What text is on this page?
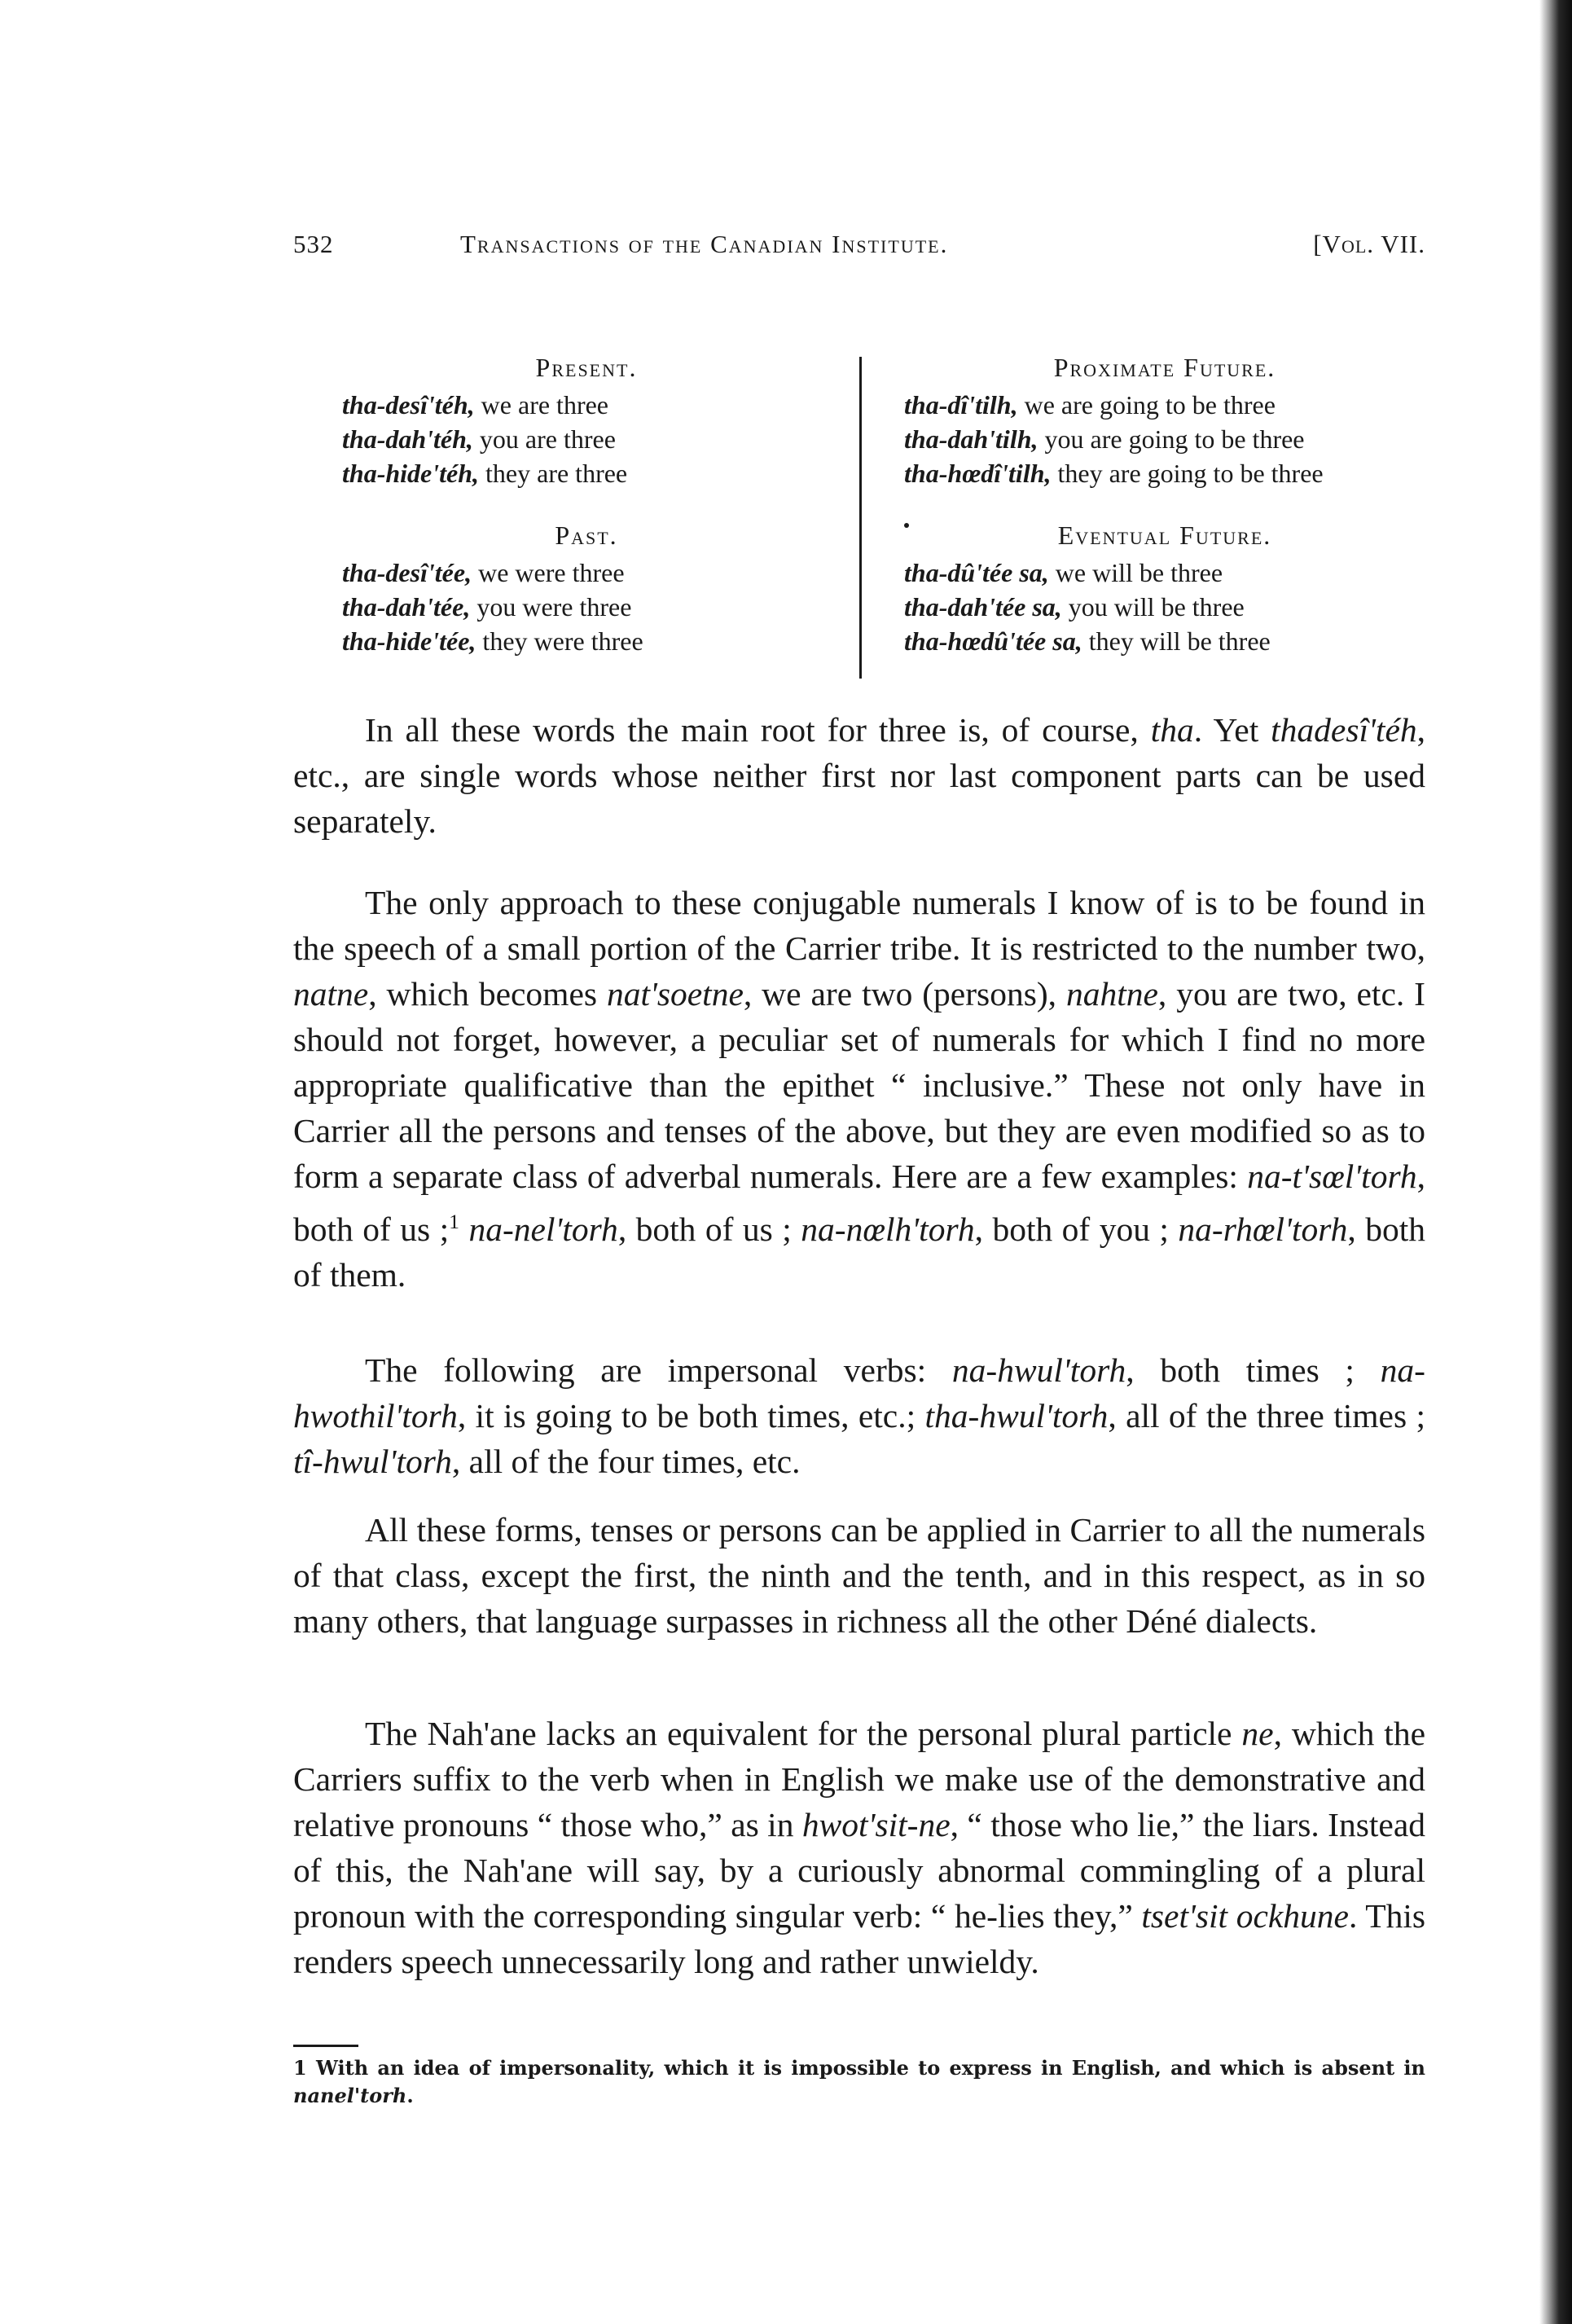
532	Transactions of the Canadian Institute.	[Vol. VII.
Present.
tha-desî'téh, we are three
tha-dah'téh, you are three
tha-hide'téh, they are three
Past.
tha-desî'tée, we were three
tha-dah'tée, you were three
tha-hide'tée, they were three
Proximate Future.
tha-dî'tilh, we are going to be three
tha-dah'tilh, you are going to be three
tha-hœdî'tilh, they are going to be three
Eventual Future.
tha-dû'tée sa, we will be three
tha-dah'tée sa, you will be three
tha-hœdû'tée sa, they will be three

In all these words the main root for three is, of course, tha. Yet thadesî'téh, etc., are single words whose neither first nor last component parts can be used separately.

The only approach to these conjugable numerals I know of is to be found in the speech of a small portion of the Carrier tribe. It is restricted to the number two, natne, which becomes nat'soetne, we are two (persons), nahtne, you are two, etc. I should not forget, however, a peculiar set of numerals for which I find no more appropriate qualificative than the epithet “ inclusive.” These not only have in Carrier all the persons and tenses of the above, but they are even modified so as to form a separate class of adverbal numerals. Here are a few examples: na-t'sœl'torh, both of us ;$^1$ na-nel'torh, both of us ; na-nœlh'torh, both of you ; na-rhœl'torh, both of them.

The following are impersonal verbs: na-hwul'torh, both times ; na-hwothil'torh, it is going to be both times, etc.; tha-hwul'torh, all of the three times ; tî-hwul'torh, all of the four times, etc.

All these forms, tenses or persons can be applied in Carrier to all the numerals of that class, except the first, the ninth and the tenth, and in this respect, as in so many others, that language surpasses in richness all the other Déné dialects.

The Nah'ane lacks an equivalent for the personal plural particle ne, which the Carriers suffix to the verb when in English we make use of the demonstrative and relative pronouns “ those who,” as in hwot'sit-ne, “ those who lie,” the liars. Instead of this, the Nah'ane will say, by a curiously abnormal commingling of a plural pronoun with the corresponding singular verb: “ he-lies they,” tset'sit ockhune. This renders speech unnecessarily long and rather unwieldy.

1 With an idea of impersonality, which it is impossible to express in English, and which is absent in nanel'torh.
